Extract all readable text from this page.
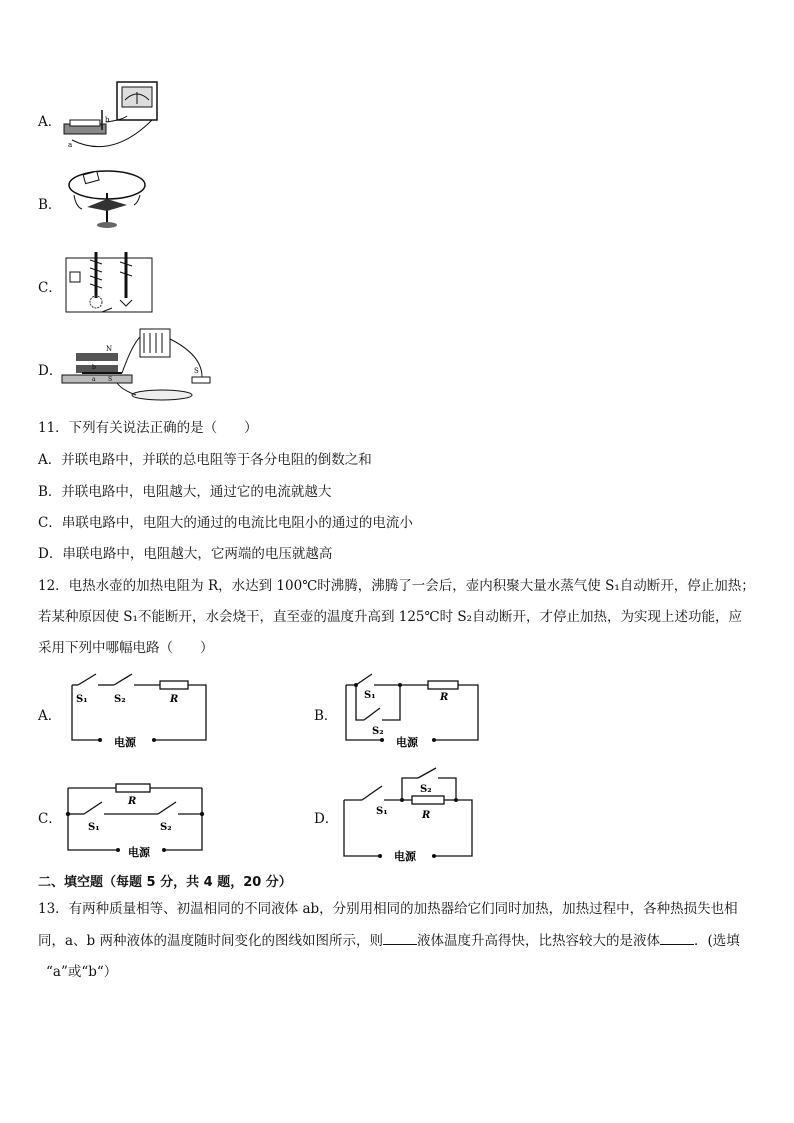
A．
a
b
B．
C．
D．
N
S
S
b
a
11．下列有关说法正确的是（　　）
A．并联电路中，并联的总电阻等于各分电阻的倒数之和
B．并联电路中，电阻越大，通过它的电流就越大
C．串联电路中，电阻大的通过的电流比电阻小的通过的电流小
D．串联电路中，电阻越大，它两端的电压就越高
12．电热水壶的加热电阻为 R，水达到 100℃时沸腾，沸腾了一会后，壶内积聚大量水蒸气使 S₁自动断开，停止加热；
若某种原因使 S₁不能断开，水会烧干，直至壶的温度升高到 125℃时 S₂自动断开，才停止加热，为实现上述功能，应
采用下列中哪幅电路（　　）
A．
S₁	S₂	R
电源
B．
S₁
S₂
R
电源
C．
R
S₁	S₂
电源
D．
S₂
S₁	R
电源
二、填空题（每题 5 分，共 4 题，20 分）
13．有两种质量相等、初温相同的不同液体 ab，分别用相同的加热器给它们同时加热，加热过程中，各种热损失也相
同，a、b 两种液体的温度随时间变化的图线如图所示，则	液体温度升高得快，比热容较大的是液体	．(选填
“a”或“b“）
